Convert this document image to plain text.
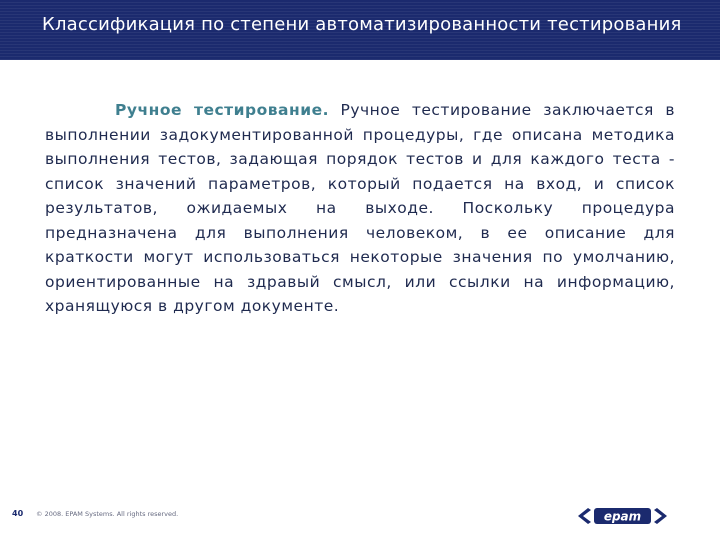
Классификация по степени автоматизированности тестирования

Ручное тестирование. Ручное тестирование заключается в выполнении задокументированной процедуры, где описана методика выполнения тестов, задающая порядок тестов и для каждого теста - список значений параметров, который подается на вход, и список результатов, ожидаемых на выходе. Поскольку процедура предназначена для выполнения человеком, в ее описание для краткости могут использоваться некоторые значения по умолчанию, ориентированные на здравый смысл, или ссылки на информацию, хранящуюся в другом документе.

40 © 2008. EPAM Systems. All rights reserved.	epam
